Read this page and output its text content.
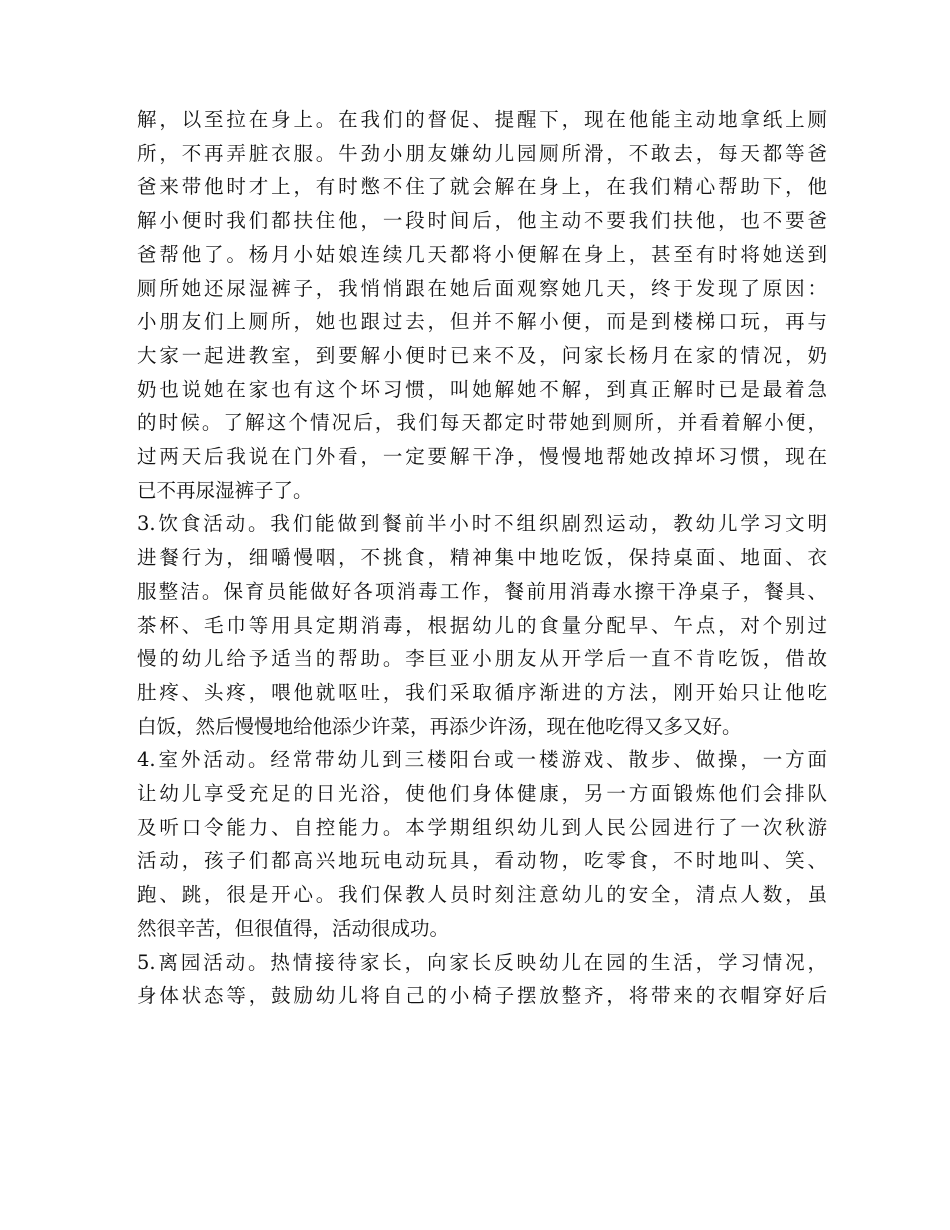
解，以至拉在身上。在我们的督促、提醒下，现在他能主动地拿纸上厕
所，不再弄脏衣服。牛劲小朋友嫌幼儿园厕所滑，不敢去，每天都等爸
爸来带他时才上，有时憋不住了就会解在身上，在我们精心帮助下，他
解小便时我们都扶住他，一段时间后，他主动不要我们扶他，也不要爸
爸帮他了。杨月小姑娘连续几天都将小便解在身上，甚至有时将她送到
厕所她还尿湿裤子，我悄悄跟在她后面观察她几天，终于发现了原因：
小朋友们上厕所，她也跟过去，但并不解小便，而是到楼梯口玩，再与
大家一起进教室，到要解小便时已来不及，问家长杨月在家的情况，奶
奶也说她在家也有这个坏习惯，叫她解她不解，到真正解时已是最着急
的时候。了解这个情况后，我们每天都定时带她到厕所，并看着解小便，
过两天后我说在门外看，一定要解干净，慢慢地帮她改掉坏习惯，现在
已不再尿湿裤子了。
3.饮食活动。我们能做到餐前半小时不组织剧烈运动，教幼儿学习文明
进餐行为，细嚼慢咽，不挑食，精神集中地吃饭，保持桌面、地面、衣
服整洁。保育员能做好各项消毒工作，餐前用消毒水擦干净桌子，餐具、
茶杯、毛巾等用具定期消毒，根据幼儿的食量分配早、午点，对个别过
慢的幼儿给予适当的帮助。李巨亚小朋友从开学后一直不肯吃饭，借故
肚疼、头疼，喂他就呕吐，我们采取循序渐进的方法，刚开始只让他吃
白饭，然后慢慢地给他添少许菜，再添少许汤，现在他吃得又多又好。
4.室外活动。经常带幼儿到三楼阳台或一楼游戏、散步、做操，一方面
让幼儿享受充足的日光浴，使他们身体健康，另一方面锻炼他们会排队
及听口令能力、自控能力。本学期组织幼儿到人民公园进行了一次秋游
活动，孩子们都高兴地玩电动玩具，看动物，吃零食，不时地叫、笑、
跑、跳，很是开心。我们保教人员时刻注意幼儿的安全，清点人数，虽
然很辛苦，但很值得，活动很成功。
5.离园活动。热情接待家长，向家长反映幼儿在园的生活，学习情况，
身体状态等，鼓励幼儿将自己的小椅子摆放整齐，将带来的衣帽穿好后
